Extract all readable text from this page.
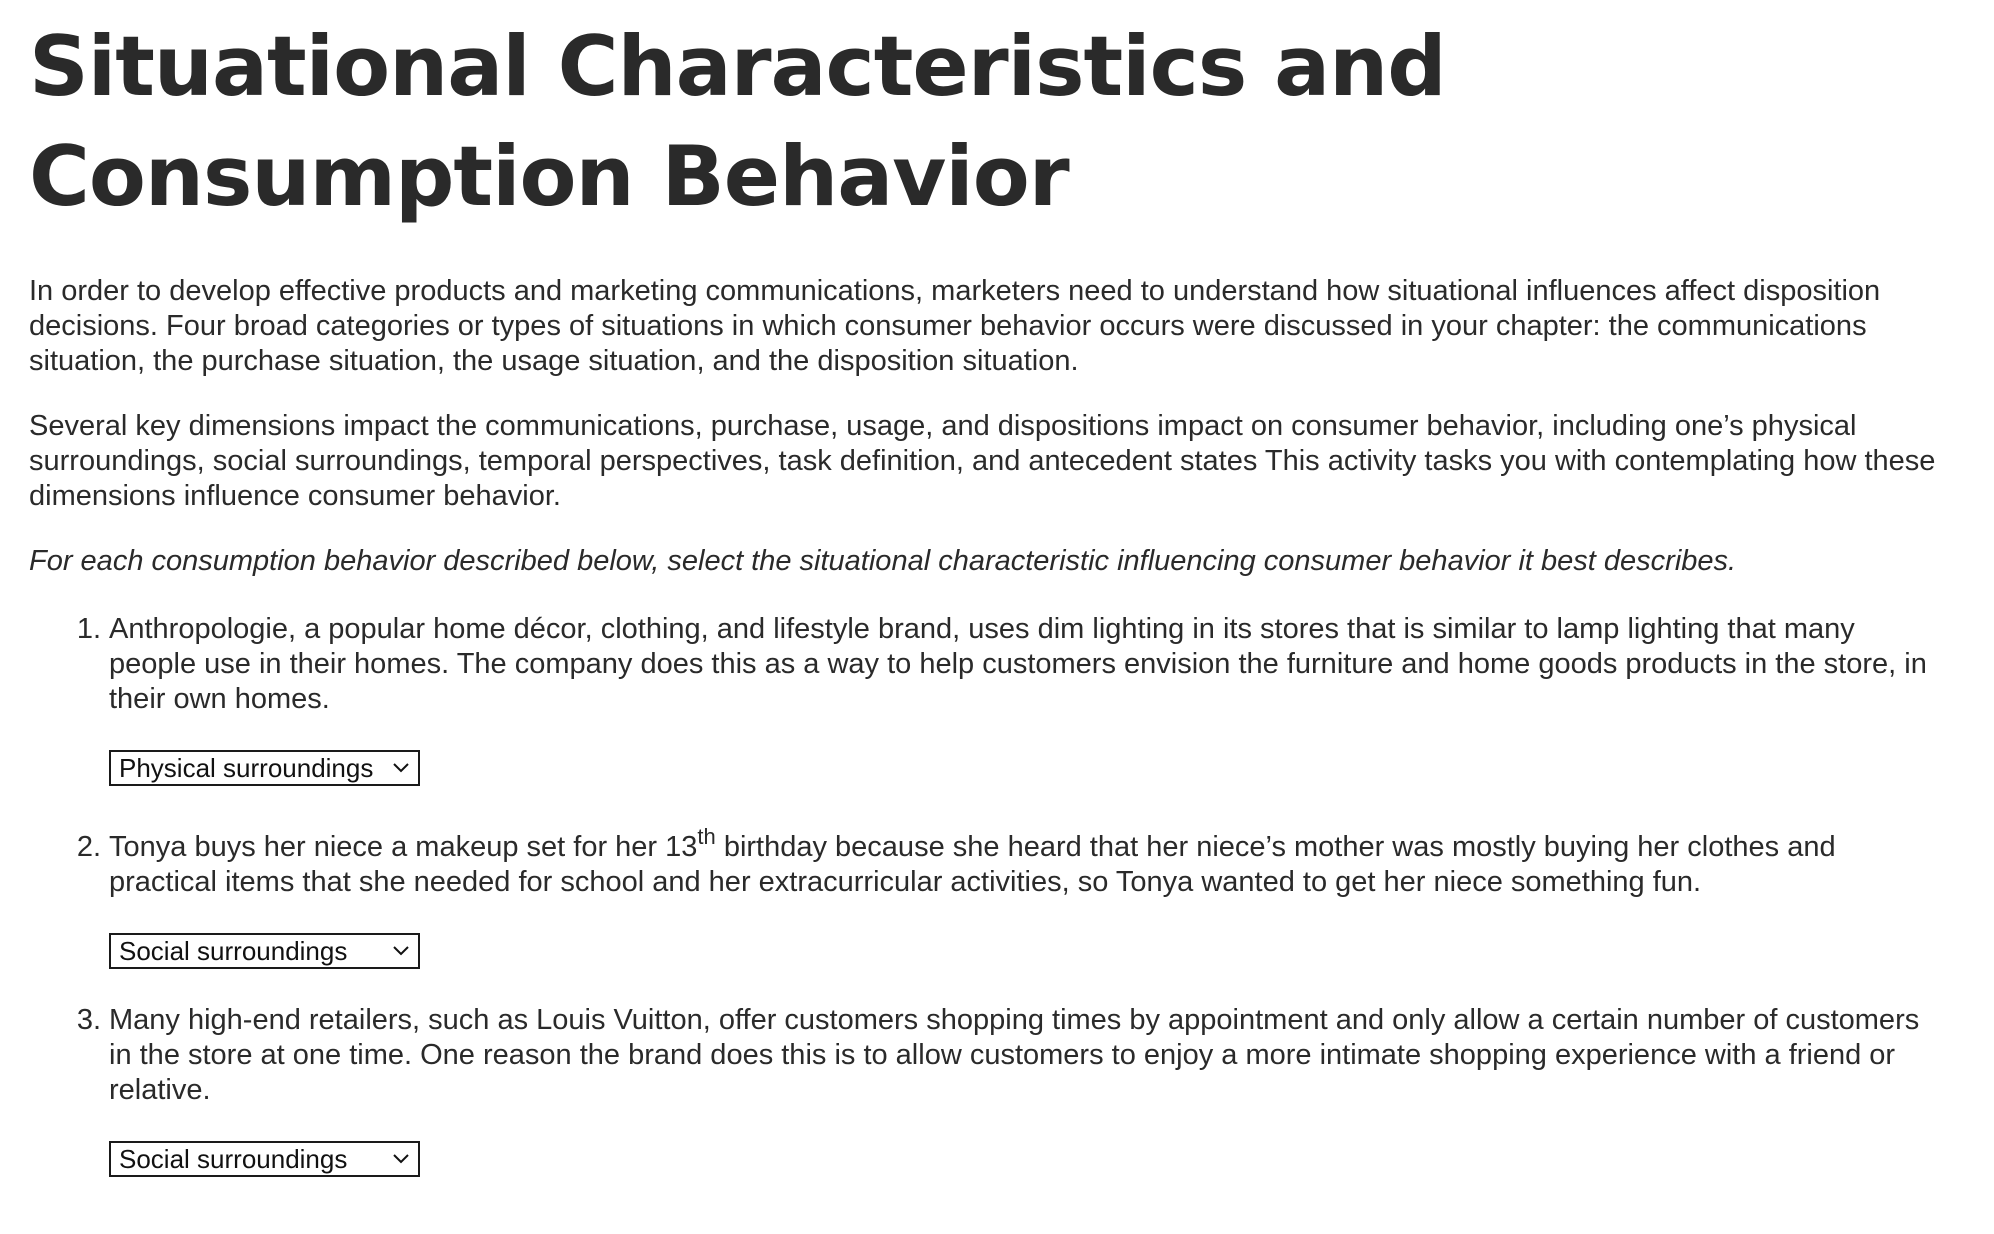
Situational Characteristics and Consumption Behavior

In order to develop effective products and marketing communications, marketers need to understand how situational influences affect disposition decisions. Four broad categories or types of situations in which consumer behavior occurs were discussed in your chapter: the communications situation, the purchase situation, the usage situation, and the disposition situation.

Several key dimensions impact the communications, purchase, usage, and dispositions impact on consumer behavior, including one’s physical surroundings, social surroundings, temporal perspectives, task definition, and antecedent states This activity tasks you with contemplating how these dimensions influence consumer behavior.

For each consumption behavior described below, select the situational characteristic influencing consumer behavior it best describes.

1. Anthropologie, a popular home décor, clothing, and lifestyle brand, uses dim lighting in its stores that is similar to lamp lighting that many people use in their homes. The company does this as a way to help customers envision the furniture and home goods products in the store, in their own homes.
Physical surroundings
2. Tonya buys her niece a makeup set for her 13th birthday because she heard that her niece’s mother was mostly buying her clothes and practical items that she needed for school and her extracurricular activities, so Tonya wanted to get her niece something fun.
Social surroundings
3. Many high-end retailers, such as Louis Vuitton, offer customers shopping times by appointment and only allow a certain number of customers in the store at one time. One reason the brand does this is to allow customers to enjoy a more intimate shopping experience with a friend or relative.
Social surroundings
